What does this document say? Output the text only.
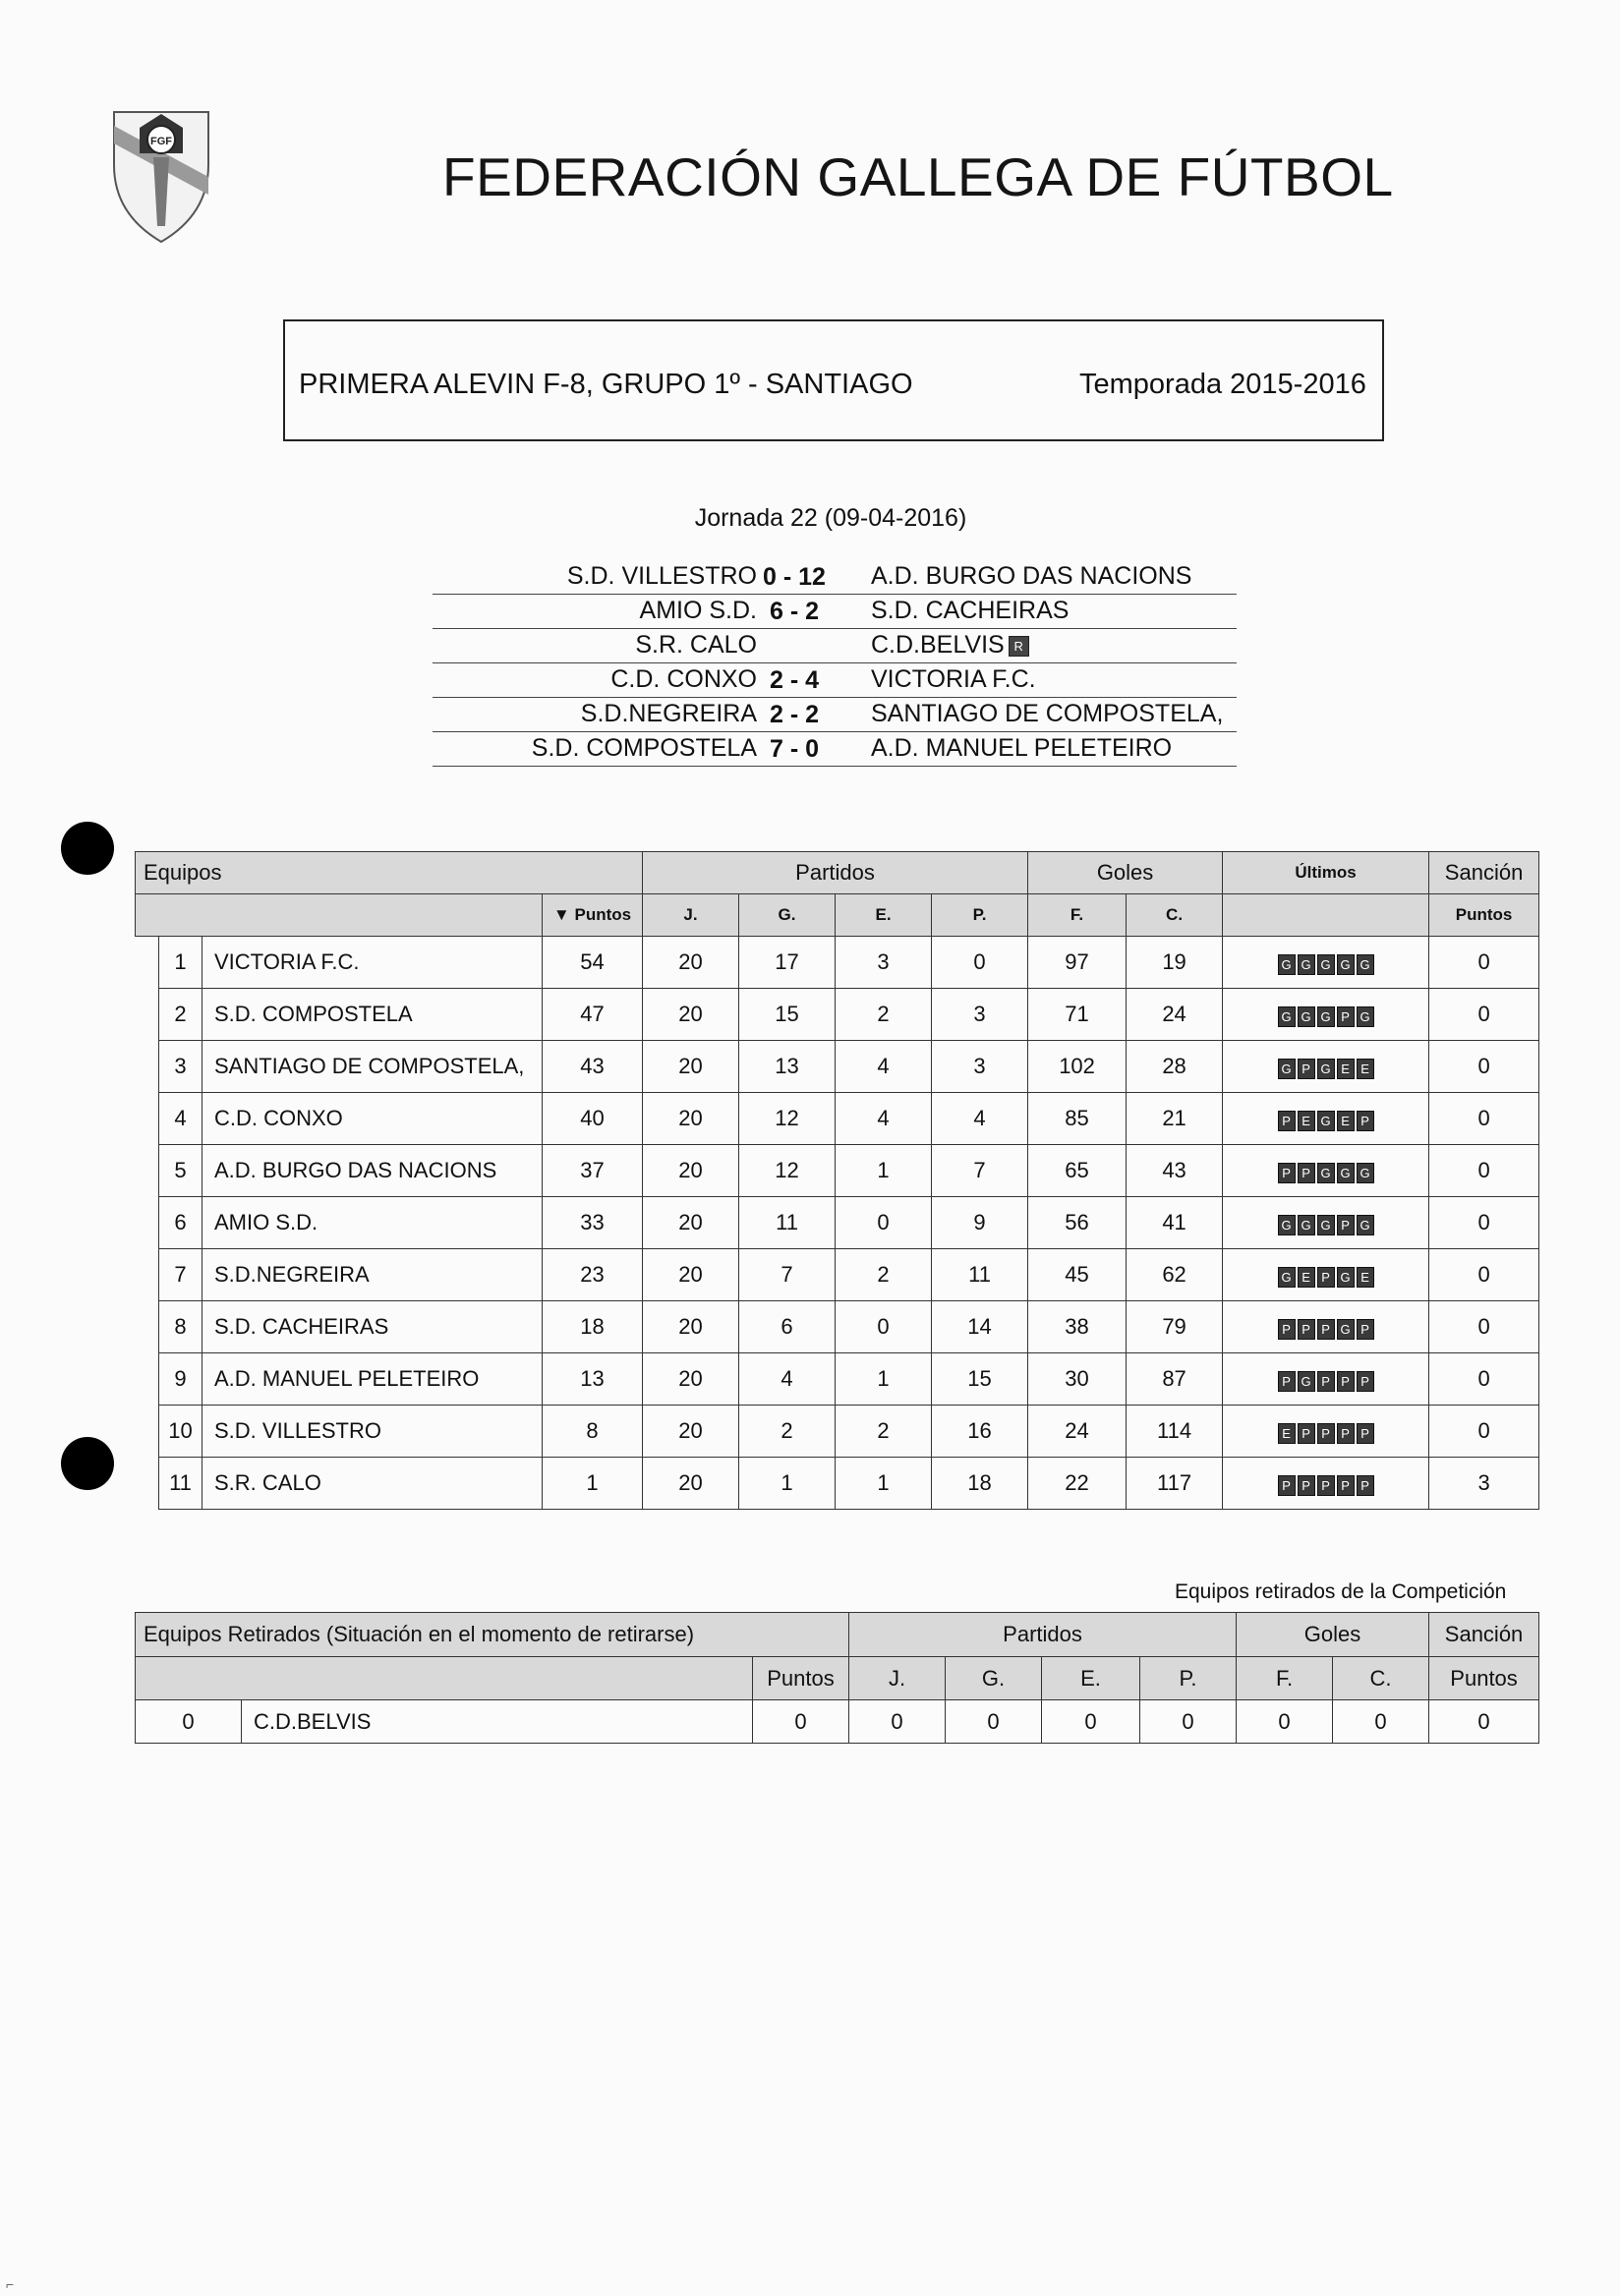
FGF
FEDERACIÓN GALLEGA DE FÚTBOL
PRIMERA ALEVIN F-8, GRUPO 1º - SANTIAGO	Temporada 2015-2016
Jornada 22 (09-04-2016)
S.D. VILLESTRO 0 - 12 A.D. BURGO DAS NACIONS
AMIO S.D. 6 - 2 S.D. CACHEIRAS
S.R. CALO	C.D.BELVIS R
C.D. CONXO 2 - 4 VICTORIA F.C.
S.D.NEGREIRA 2 - 2 SANTIAGO DE COMPOSTELA,
S.D. COMPOSTELA 7 - 0 A.D. MANUEL PELETEIRO
Equipos				Partidos				Goles		Últimos	Sanción
			▼ Puntos	J.	G.	E.	P.	F.	C.		Puntos
	1	VICTORIA F.C.	54	20	17	3	0	97	19	G G G G G	0
	2	S.D. COMPOSTELA	47	20	15	2	3	71	24	G G G P G	0
	3	SANTIAGO DE COMPOSTELA,	43	20	13	4	3	102	28	G P G E E	0
	4	C.D. CONXO	40	20	12	4	4	85	21	P E G E P	0
	5	A.D. BURGO DAS NACIONS	37	20	12	1	7	65	43	P P G G G	0
	6	AMIO S.D.	33	20	11	0	9	56	41	G G G P G	0
	7	S.D.NEGREIRA	23	20	7	2	11	45	62	G E P G E	0
	8	S.D. CACHEIRAS	18	20	6	0	14	38	79	P P P G P	0
	9	A.D. MANUEL PELETEIRO	13	20	4	1	15	30	87	P G P P P	0
	10	S.D. VILLESTRO	8	20	2	2	16	24	114	E P P P P	0
	11	S.R. CALO	1	20	1	1	18	22	117	P P P P P	3
Equipos retirados de la Competición
Equipos Retirados (Situación en el momento de retirarse)			Partidos				Goles		Sanción
		Puntos	J.	G.	E.	P.	F.	C.	Puntos
0	C.D.BELVIS	0	0	0	0	0	0	0	0
⌐
